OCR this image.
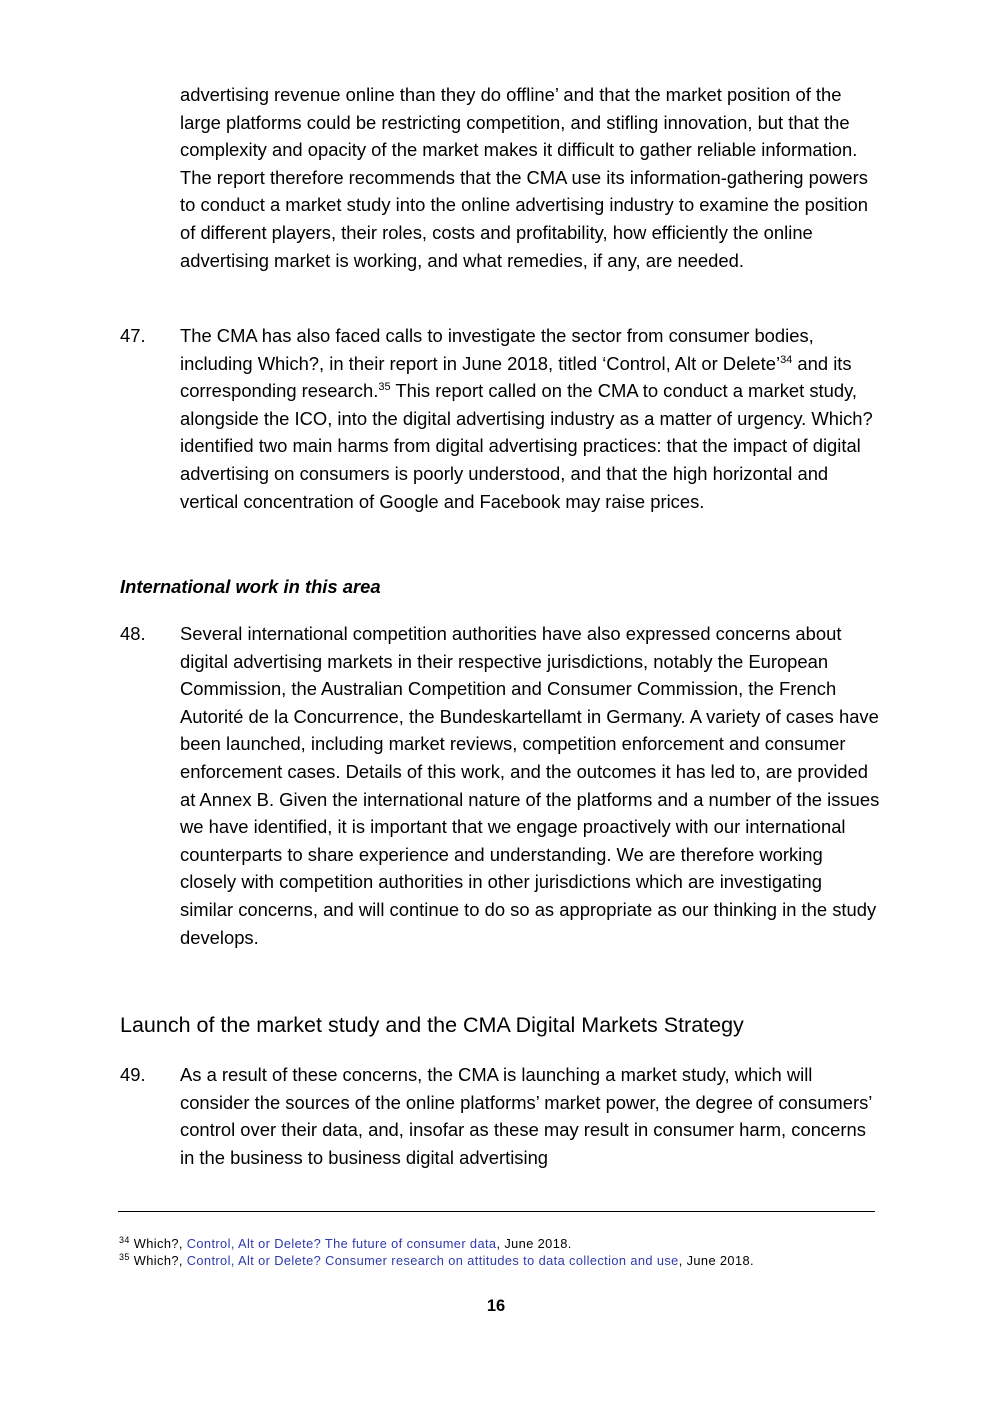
advertising revenue online than they do offline’ and that the market position of the large platforms could be restricting competition, and stifling innovation, but that the complexity and opacity of the market makes it difficult to gather reliable information. The report therefore recommends that the CMA use its information-gathering powers to conduct a market study into the online advertising industry to examine the position of different players, their roles, costs and profitability, how efficiently the online advertising market is working, and what remedies, if any, are needed.
47.	The CMA has also faced calls to investigate the sector from consumer bodies, including Which?, in their report in June 2018, titled ‘Control, Alt or Delete’$^{34}$ and its corresponding research.$^{35}$ This report called on the CMA to conduct a market study, alongside the ICO, into the digital advertising industry as a matter of urgency. Which? identified two main harms from digital advertising practices: that the impact of digital advertising on consumers is poorly understood, and that the high horizontal and vertical concentration of Google and Facebook may raise prices.
International work in this area
48.	Several international competition authorities have also expressed concerns about digital advertising markets in their respective jurisdictions, notably the European Commission, the Australian Competition and Consumer Commission, the French Autorité de la Concurrence, the Bundeskartellamt in Germany. A variety of cases have been launched, including market reviews, competition enforcement and consumer enforcement cases. Details of this work, and the outcomes it has led to, are provided at Annex B. Given the international nature of the platforms and a number of the issues we have identified, it is important that we engage proactively with our international counterparts to share experience and understanding. We are therefore working closely with competition authorities in other jurisdictions which are investigating similar concerns, and will continue to do so as appropriate as our thinking in the study develops.
Launch of the market study and the CMA Digital Markets Strategy
49.	As a result of these concerns, the CMA is launching a market study, which will consider the sources of the online platforms’ market power, the degree of consumers’ control over their data, and, insofar as these may result in consumer harm, concerns in the business to business digital advertising
$^{34}$ Which?, Control, Alt or Delete? The future of consumer data, June 2018.
$^{35}$ Which?, Control, Alt or Delete? Consumer research on attitudes to data collection and use, June 2018.
16
